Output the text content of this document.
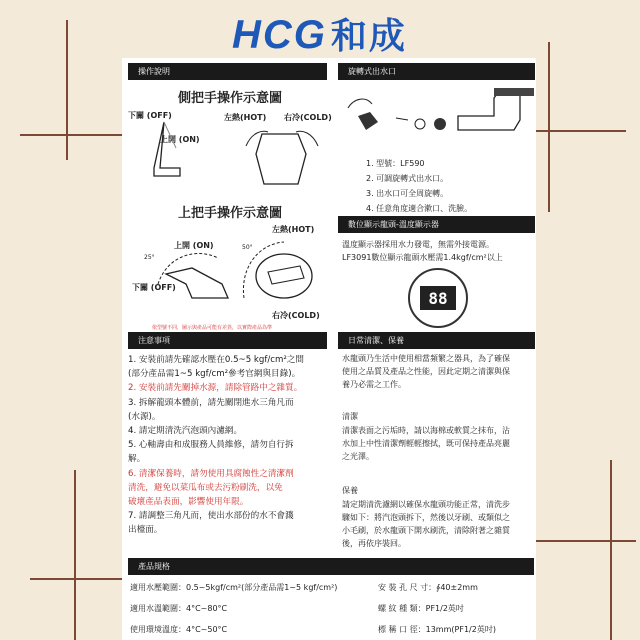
HCG 和成
操作說明
側把手操作示意圖
下關 (OFF)
上開 (ON)
左熱(HOT) 右冷(COLD)
上把手操作示意圖
上開 (ON)
下關 (OFF)
左熱(HOT)
右冷(COLD)
25°
50°
依型號不同，圖示與產品可能有差異，以實際產品為準
注意事項
1. 安裝前請先確認水壓在0.5~5 kgf/cm²之間
(部分產品需1~5 kgf/cm²參考官網與目錄)。
2. 安裝前請先關掉水源，請除管路中之雜質。
3. 拆解龍頭本體前，請先關閉進水三角凡而
(水源)。
4. 請定期清洗汽泡頭內濾網。
5. 心軸壽由和成服務人員維修，請勿自行拆
解。
6. 清潔保養時，請勿使用具腐蝕性之清潔劑
清洗，避免以菜瓜布或去污粉刷洗，以免
破壞產品表面，影響使用年限。
7. 請調整三角凡而，使出水部份的水不會濺
出檯面。
旋轉式出水口
1. 型號：LF590
2. 可調旋轉式出水口。
3. 出水口可全周旋轉。
4. 任意角度適合漱口、洗臉。
數位顯示龍頭-溫度顯示器
溫度顯示器採用水力發電，無需外接電源。
LF3091數位顯示龍頭水壓需1.4kgf/cm²以上
88
日常清潔、保養
水龍頭乃生活中使用相當頻繁之器具，為了確保
使用之品質及產品之性能，因此定期之清潔與保
養乃必需之工作。
清潔
清潔表面之污垢時，請以海棉或軟質之抹布，沾
水加上中性清潔劑輕輕擦拭，既可保持產品亮麗
之光澤。
保養
請定期清洗濾網以確保水龍頭功能正常，清洗步
驟如下：將汽泡頭拆下，然後以牙刷、或類似之
小毛刷，於水龍頭下開水刷洗，清除附著之雜質
後，再依序裝回。
產品規格
適用水壓範圍：0.5~5kgf/cm²(部分產品需1~5 kgf/cm²)
適用水溫範圍：4°C~80°C
使用環境溫度：4°C~50°C
安 裝 孔 尺 寸：∮40±2mm
螺 紋 種 類：PF1/2英吋
標 稱 口 徑：13mm(PF1/2英吋)
